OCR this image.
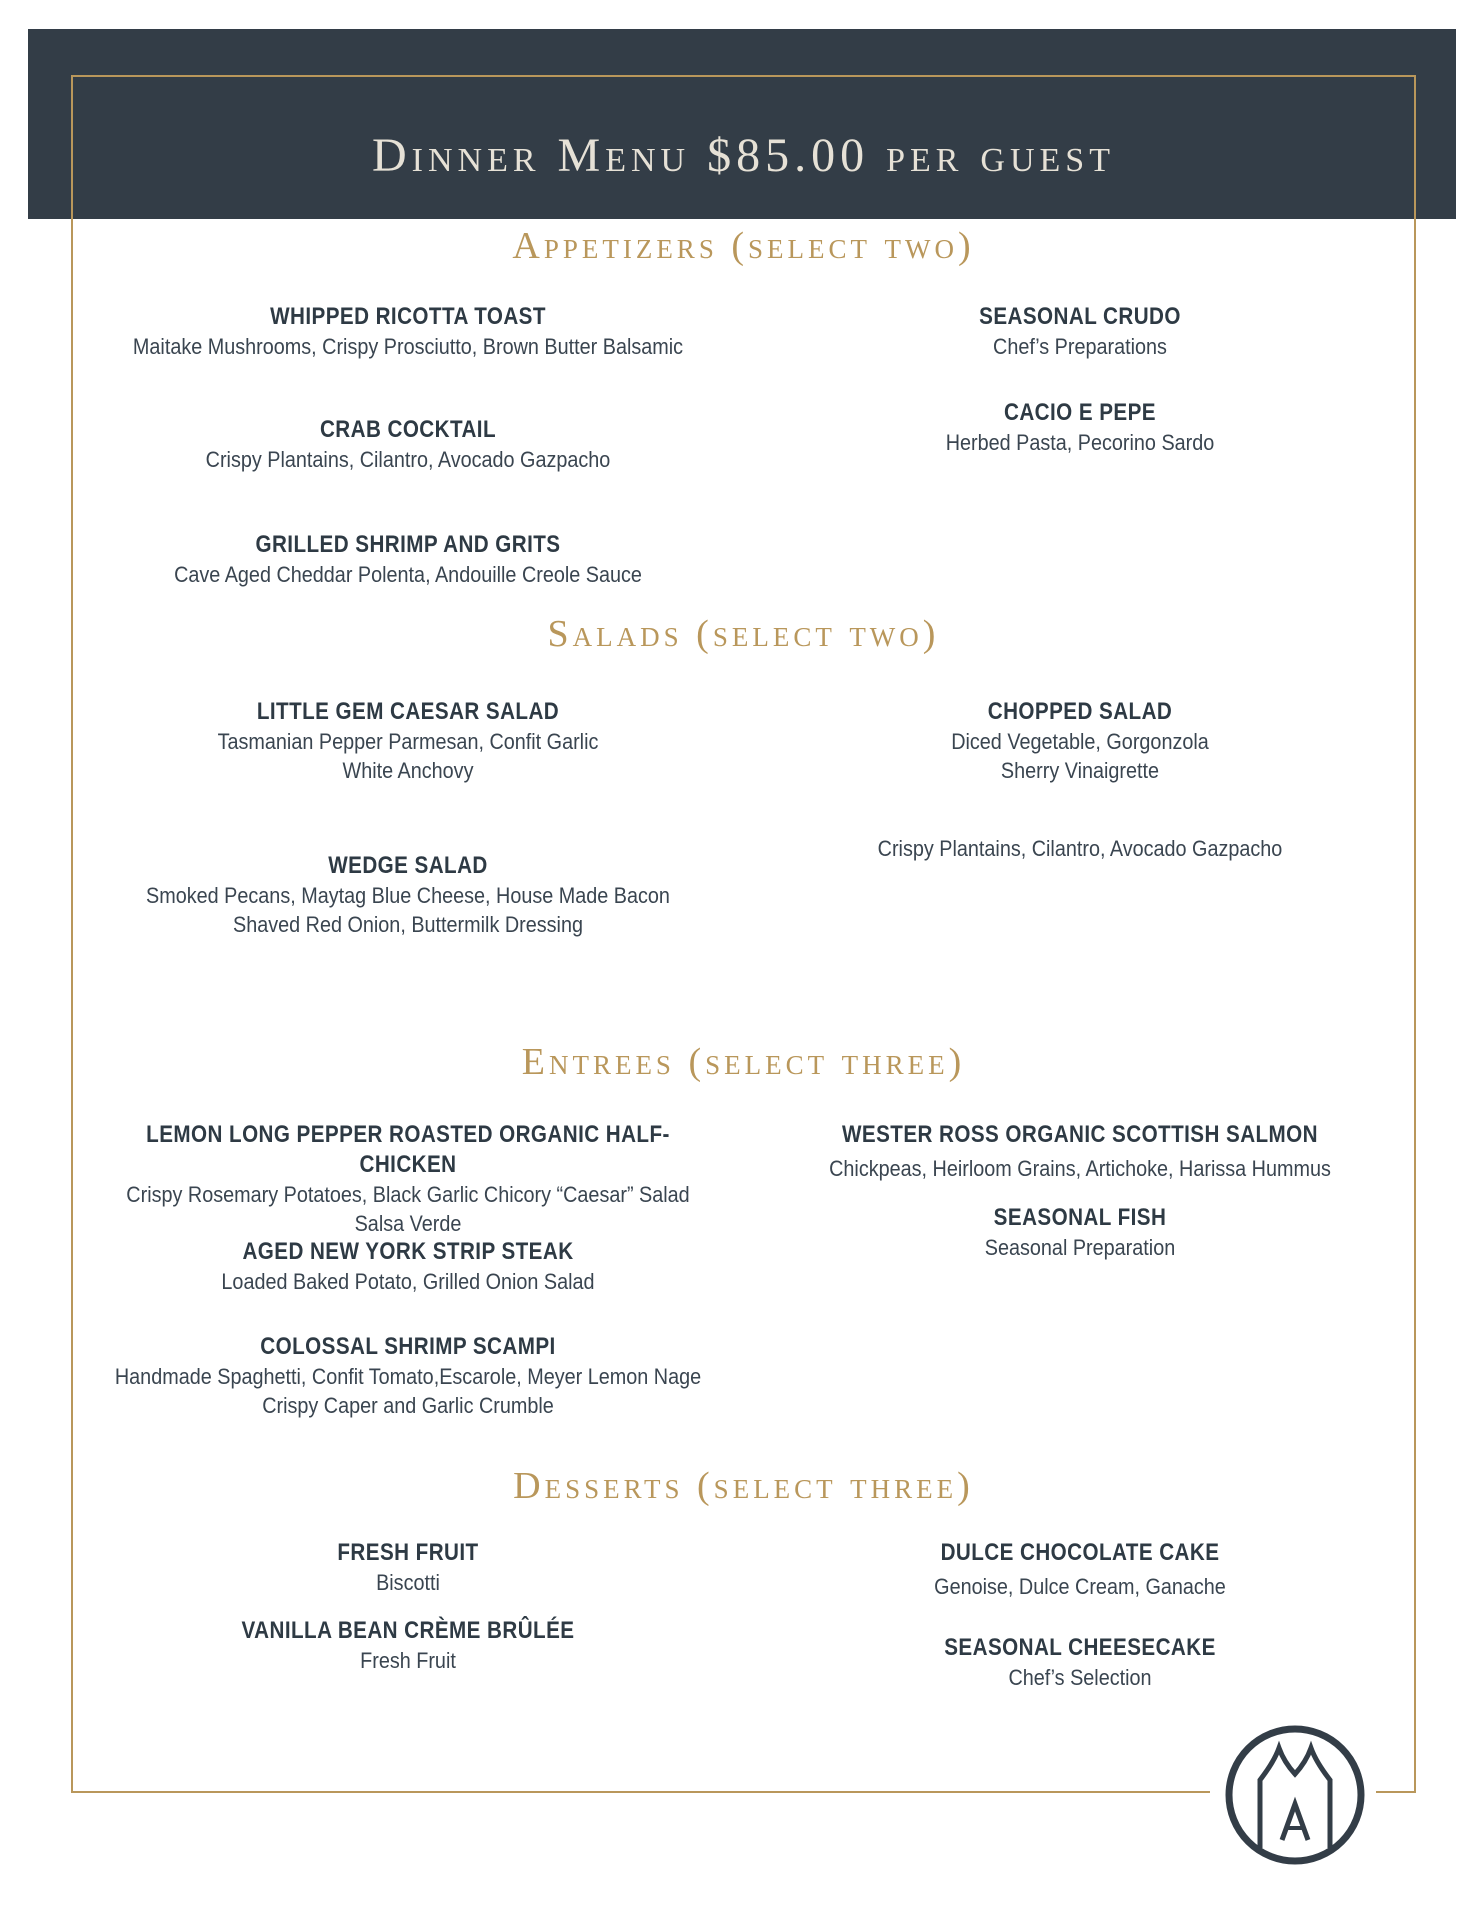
Dinner Menu $85.00 per guest
Appetizers (select two)
WHIPPED RICOTTA TOAST
Maitake Mushrooms, Crispy Prosciutto, Brown Butter Balsamic
SEASONAL CRUDO
Chef’s Preparations
CRAB COCKTAIL
Crispy Plantains, Cilantro, Avocado Gazpacho
CACIO E PEPE
Herbed Pasta, Pecorino Sardo
GRILLED SHRIMP AND GRITS
Cave Aged Cheddar Polenta, Andouille Creole Sauce
Salads (select two)
LITTLE GEM CAESAR SALAD
Tasmanian Pepper Parmesan, Confit Garlic
White Anchovy
CHOPPED SALAD
Diced Vegetable, Gorgonzola
Sherry Vinaigrette
Crispy Plantains, Cilantro, Avocado Gazpacho
WEDGE SALAD
Smoked Pecans, Maytag Blue Cheese, House Made Bacon
Shaved Red Onion, Buttermilk Dressing
Entrees (select three)
LEMON LONG PEPPER ROASTED ORGANIC HALF-CHICKEN
Crispy Rosemary Potatoes, Black Garlic Chicory “Caesar” Salad
Salsa Verde
WESTER ROSS ORGANIC SCOTTISH SALMON
Chickpeas, Heirloom Grains, Artichoke, Harissa Hummus
SEASONAL FISH
Seasonal Preparation
AGED NEW YORK STRIP STEAK
Loaded Baked Potato, Grilled Onion Salad
COLOSSAL SHRIMP SCAMPI
Handmade Spaghetti, Confit Tomato,Escarole, Meyer Lemon Nage
Crispy Caper and Garlic Crumble
Desserts (select three)
FRESH FRUIT
Biscotti
DULCE CHOCOLATE CAKE
Genoise, Dulce Cream, Ganache
VANILLA BEAN CRÈME BRÛLÉE
Fresh Fruit	SEASONAL CHEESECAKE
Chef’s Selection
